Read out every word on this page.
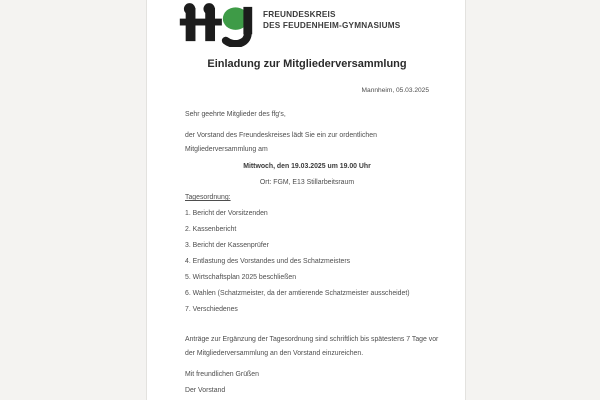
FREUNDESKREIS
DES FEUDENHEIM-GYMNASIUMS
Einladung zur Mitgliederversammlung
Mannheim, 05.03.2025
Sehr geehrte Mitglieder des ffg's,
der Vorstand des Freundeskreises lädt Sie ein zur ordentlichen
Mitgliederversammlung am
Mittwoch, den 19.03.2025 um 19.00 Uhr
Ort: FGM, E13 Stillarbeitsraum
Tagesordnung:
1. Bericht der Vorsitzenden
2. Kassenbericht
3. Bericht der Kassenprüfer
4. Entlastung des Vorstandes und des Schatzmeisters
5. Wirtschaftsplan 2025 beschließen
6. Wahlen (Schatzmeister, da der amtierende Schatzmeister ausscheidet)
7. Verschiedenes
Anträge zur Ergänzung der Tagesordnung sind schriftlich bis spätestens 7 Tage vor
der Mitgliederversammlung an den Vorstand einzureichen.
Mit freundlichen Grüßen
Der Vorstand
